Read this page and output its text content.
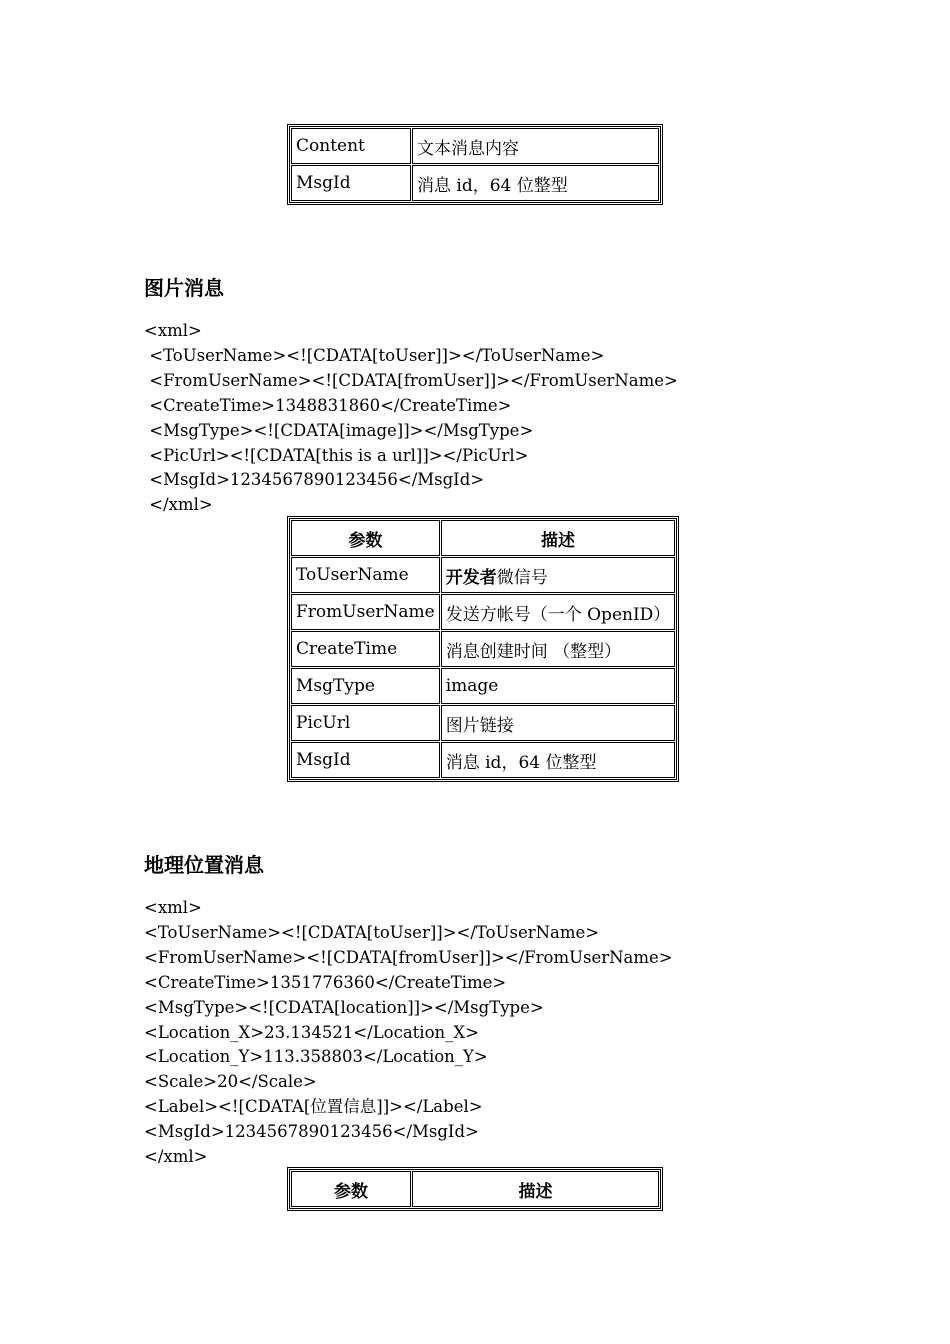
Content	文本消息内容
MsgId	消息 id，64 位整型
图片消息
<xml>
<ToUserName><![CDATA[toUser]]></ToUserName>
<FromUserName><![CDATA[fromUser]]></FromUserName>
<CreateTime>1348831860</CreateTime>
<MsgType><![CDATA[image]]></MsgType>
<PicUrl><![CDATA[this is a url]]></PicUrl>
<MsgId>1234567890123456</MsgId>
</xml>
参数	描述
ToUserName	开发者微信号
FromUserName	发送方帐号（一个 OpenID）
CreateTime	消息创建时间 （整型）
MsgType	image
PicUrl	图片链接
MsgId	消息 id，64 位整型
地理位置消息
<xml>
<ToUserName><![CDATA[toUser]]></ToUserName>
<FromUserName><![CDATA[fromUser]]></FromUserName>
<CreateTime>1351776360</CreateTime>
<MsgType><![CDATA[location]]></MsgType>
<Location_X>23.134521</Location_X>
<Location_Y>113.358803</Location_Y>
<Scale>20</Scale>
<Label><![CDATA[位置信息]]></Label>
<MsgId>1234567890123456</MsgId>
</xml>
参数	描述
